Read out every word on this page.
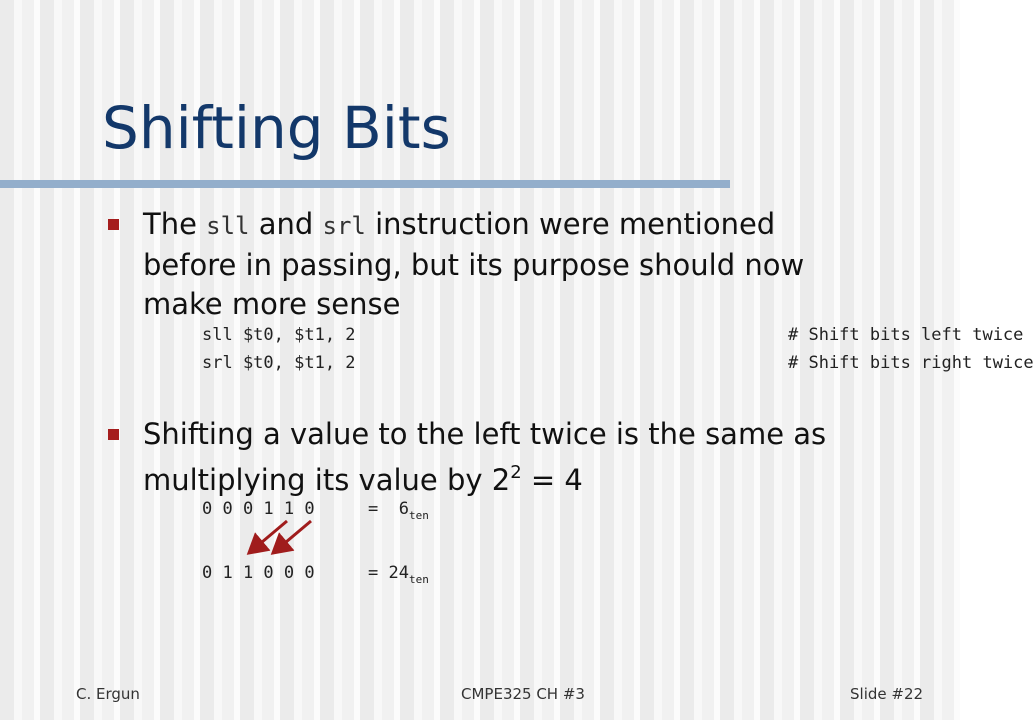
Shifting Bits
The sll and srl instruction were mentioned
before in passing, but its purpose should now
make more sense
sll $t0, $t1, 2	# Shift bits left twice
srl $t0, $t1, 2	# Shift bits right twice
Shifting a value to the left twice is the same as
multiplying its value by $2^2 = 4$
0 0 0 1 1 0	=  $6_{ten}$
0 1 1 0 0 0	= $24_{ten}$
C. Ergun	CMPE325 CH #3	Slide #22
